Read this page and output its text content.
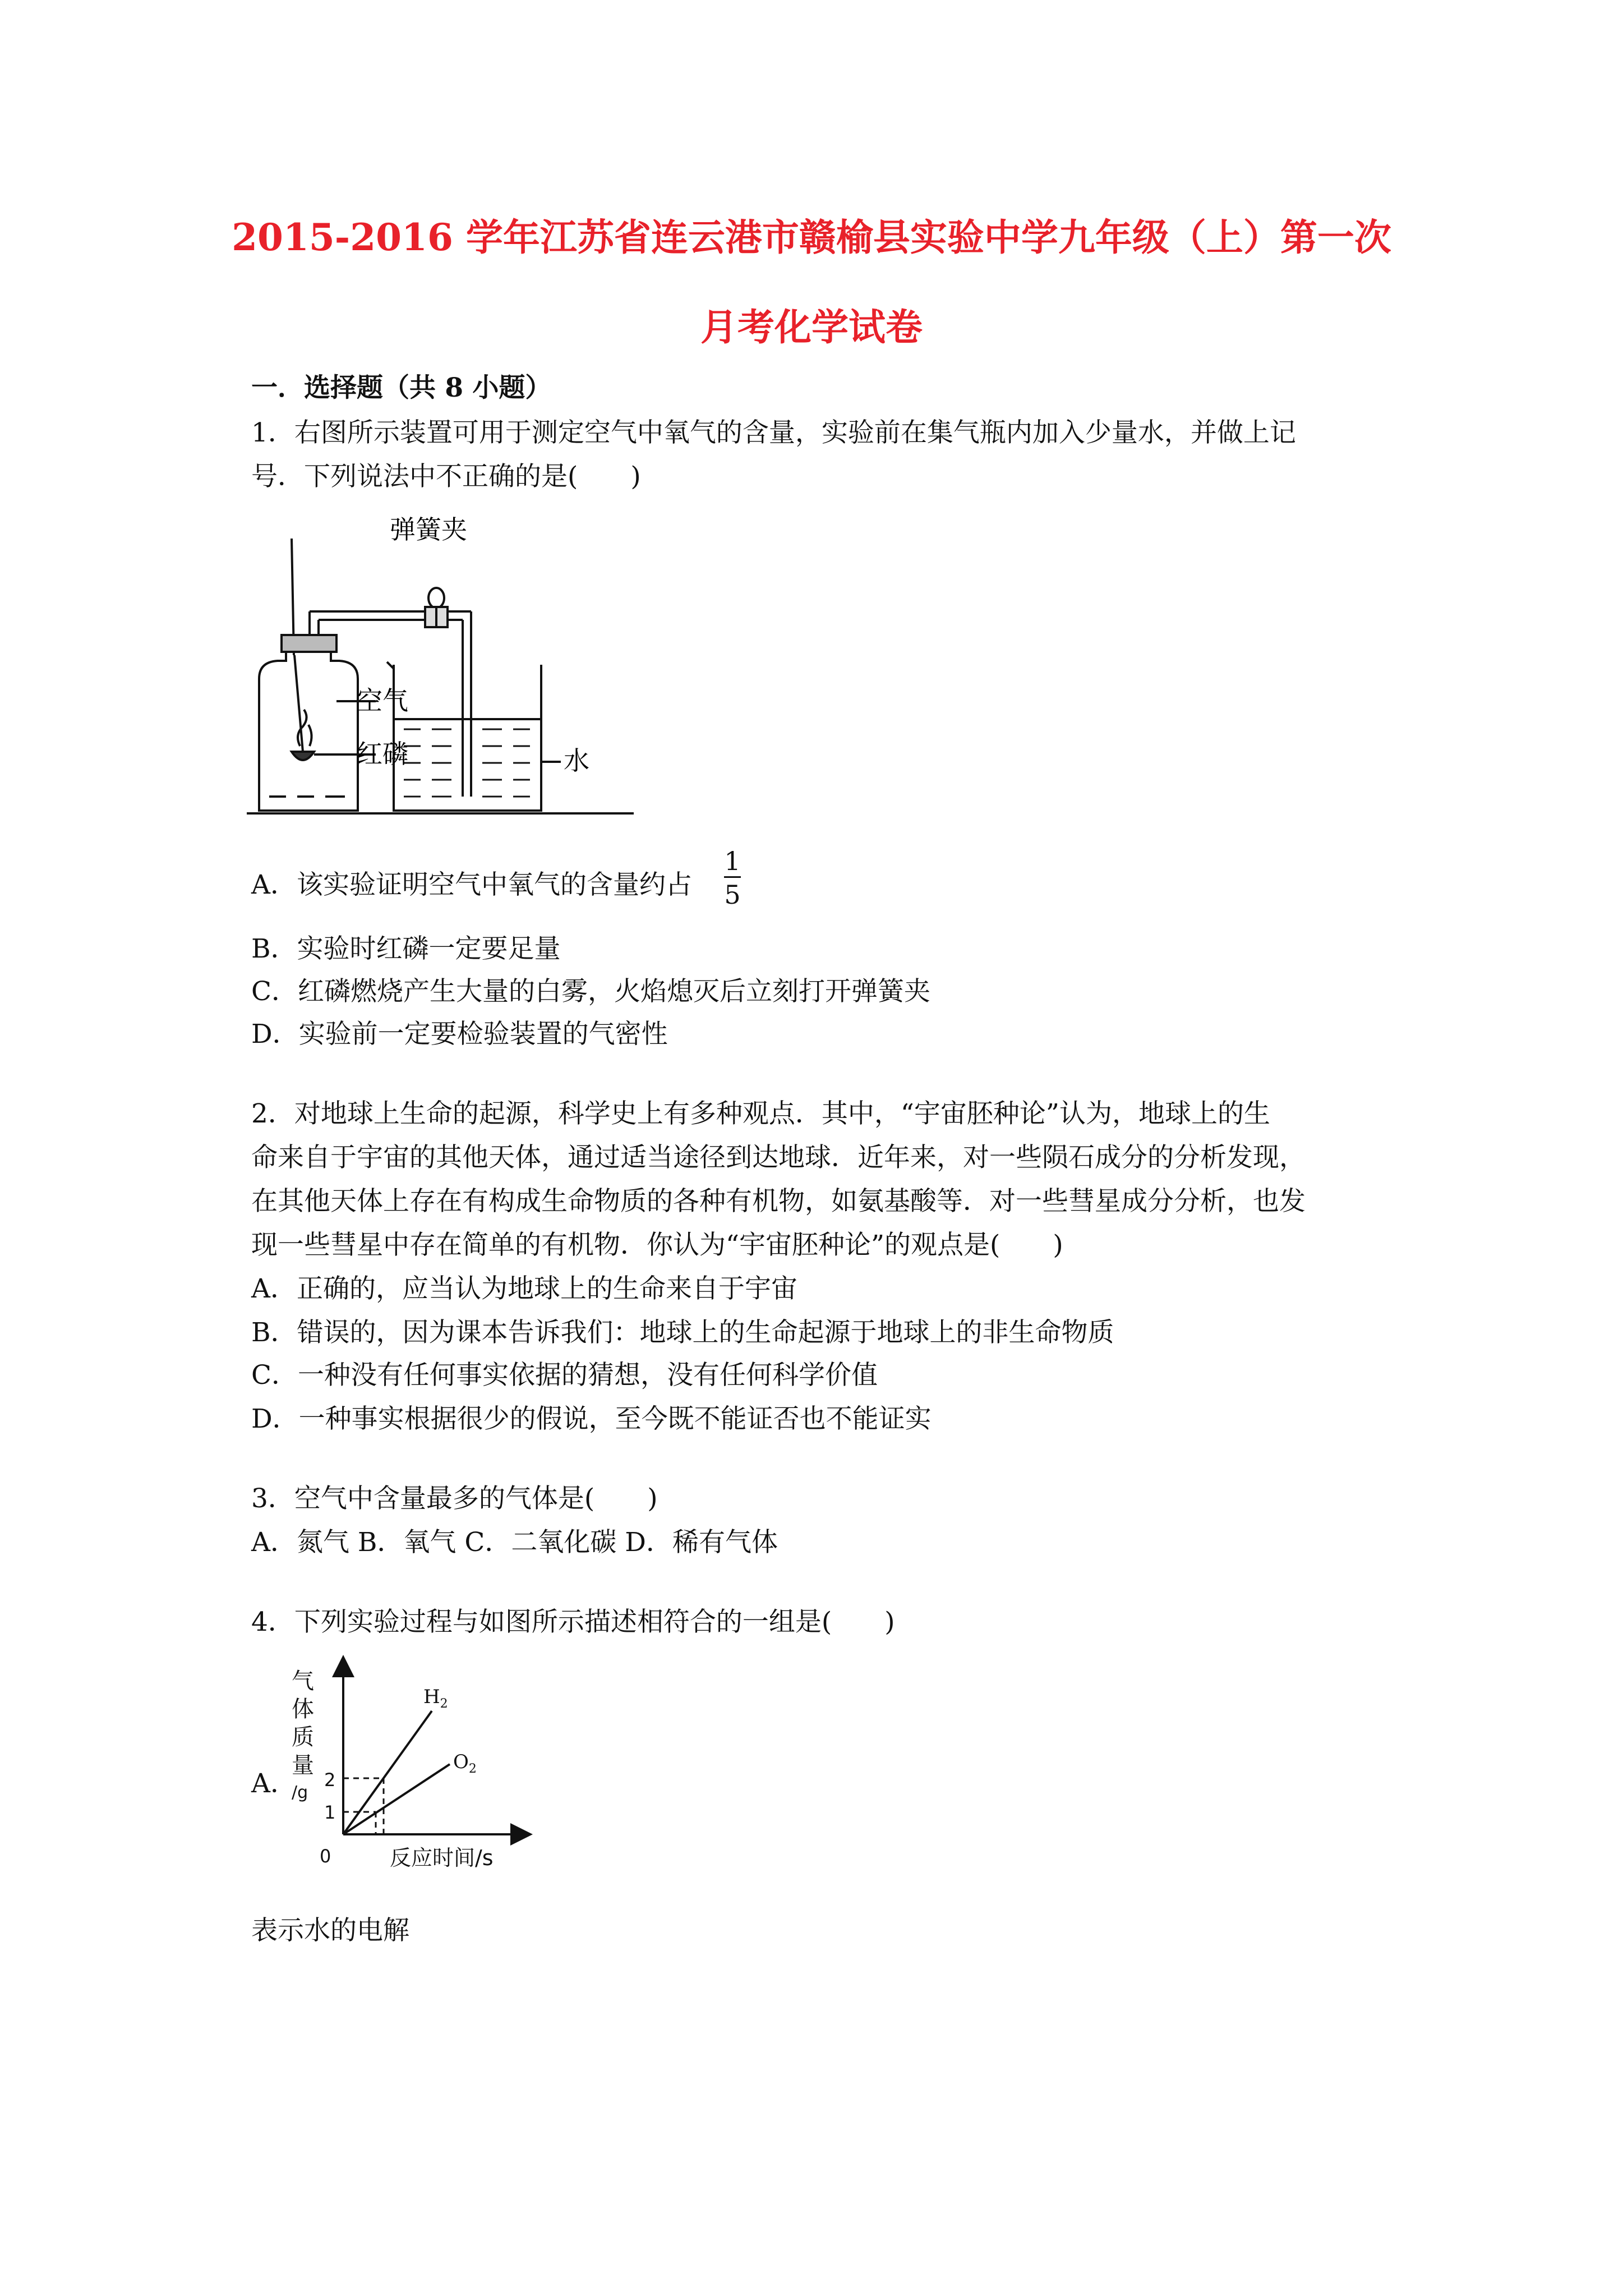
2015-2016 学年江苏省连云港市赣榆县实验中学九年级（上）第一次
月考化学试卷
一．选择题（共 8 小题）
1．右图所示装置可用于测定空气中氧气的含量，实验前在集气瓶内加入少量水，并做上记
号．下列说法中不正确的是(　　)
弹簧夹
空气
红磷	水
A．该实验证明空气中氧气的含量约占
1
5
B．实验时红磷一定要足量
C．红磷燃烧产生大量的白雾，火焰熄灭后立刻打开弹簧夹
D．实验前一定要检验装置的气密性
2．对地球上生命的起源，科学史上有多种观点．其中，“宇宙胚种论”认为，地球上的生
命来自于宇宙的其他天体，通过适当途径到达地球．近年来，对一些陨石成分的分析发现，
在其他天体上存在有构成生命物质的各种有机物，如氨基酸等．对一些彗星成分分析，也发
现一些彗星中存在简单的有机物．你认为“宇宙胚种论”的观点是(　　)
A．正确的，应当认为地球上的生命来自于宇宙
B．错误的，因为课本告诉我们：地球上的生命起源于地球上的非生命物质
C．一种没有任何事实依据的猜想，没有任何科学价值
D．一种事实根据很少的假说，至今既不能证否也不能证实
3．空气中含量最多的气体是(　　)
A．氮气 B．氧气 C．二氧化碳 D．稀有气体
4．下列实验过程与如图所示描述相符合的一组是(　　)
A．
气
体
质
量
/g
2
1
0	反应时间/s
$H_2$
$O_2$
表示水的电解
